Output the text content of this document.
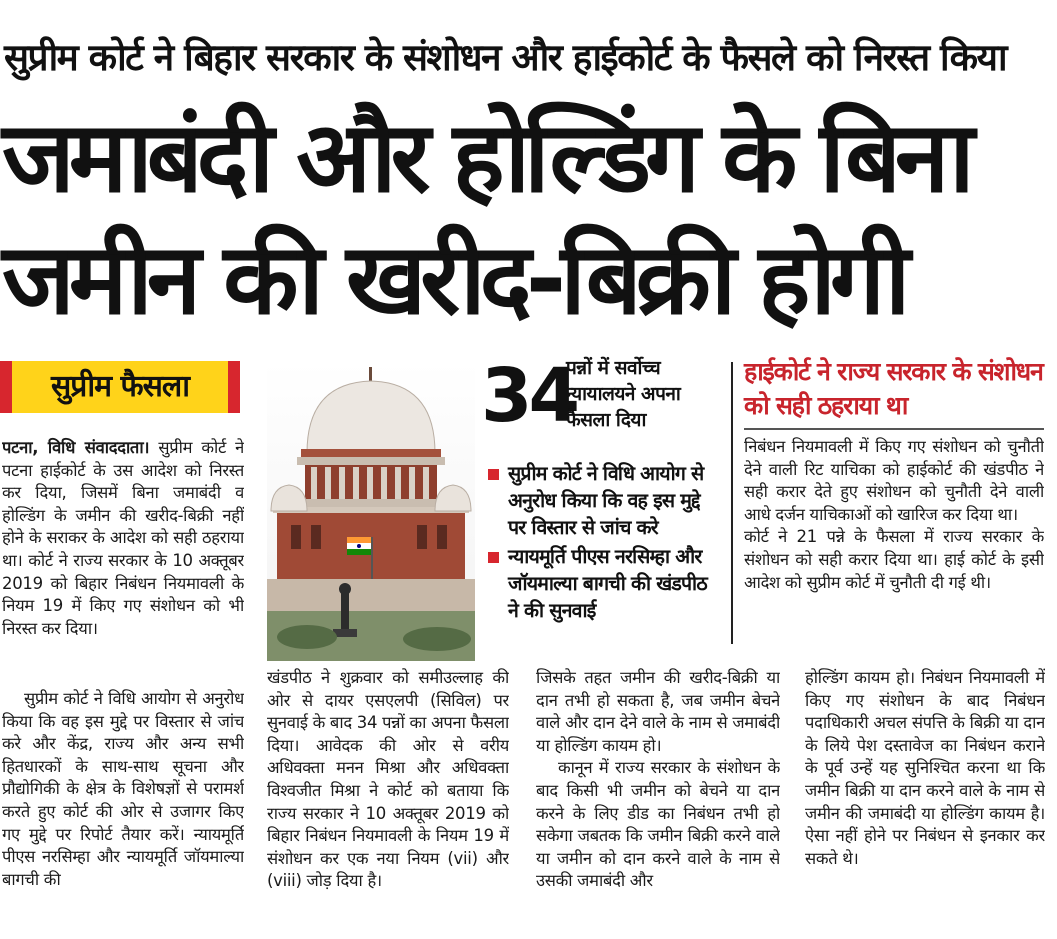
सुप्रीम कोर्ट ने बिहार सरकार के संशोधन और हाईकोर्ट के फैसले को निरस्त किया
जमाबंदी और होल्डिंग के बिना
जमीन की खरीद-बिक्री होगी
सुप्रीम फैसला

पटना, विधि संवाददाता। सुप्रीम कोर्ट ने पटना हाईकोर्ट के उस आदेश को निरस्त कर दिया, जिसमें बिना जमाबंदी व होल्डिंग के जमीन की खरीद-बिक्री नहीं होने के सराकर के आदेश को सही ठहराया था। कोर्ट ने राज्य सरकार के 10 अक्तूबर 2019 को बिहार निबंधन नियमावली के नियम 19 में किए गए संशोधन को भी निरस्त कर दिया।

सुप्रीम कोर्ट ने विधि आयोग से अनुरोध किया कि वह इस मुद्दे पर विस्तार से जांच करे और केंद्र, राज्य और अन्य सभी हितधारकों के साथ-साथ सूचना और प्रौद्योगिकी के क्षेत्र के विशेषज्ञों से परामर्श करते हुए कोर्ट की ओर से उजागर किए गए मुद्दे पर रिपोर्ट तैयार करें। न्यायमूर्ति पीएस नरसिम्हा और न्यायमूर्ति जॉयमाल्या बागची की

34
पन्नों में सर्वोच्च न्यायालयने अपना फैसला दिया
सुप्रीम कोर्ट ने विधि आयोग से अनुरोध किया कि वह इस मुद्दे पर विस्तार से जांच करे
न्यायमूर्ति पीएस नरसिम्हा और जॉयमाल्या बागची की खंडपीठ ने की सुनवाई
हाईकोर्ट ने राज्य सरकार के संशोधन को सही ठहराया था

निबंधन नियमावली में किए गए संशोधन को चुनौती देने वाली रिट याचिका को हाईकोर्ट की खंडपीठ ने सही करार देते हुए संशोधन को चुनौती देने वाली आधे दर्जन याचिकाओं को खारिज कर दिया था।

कोर्ट ने 21 पन्ने के फैसला में राज्य सरकार के संशोधन को सही करार दिया था। हाई कोर्ट के इसी आदेश को सुप्रीम कोर्ट में चुनौती दी गई थी।

खंडपीठ ने शुक्रवार को समीउल्लाह की ओर से दायर एसएलपी (सिविल) पर सुनवाई के बाद 34 पन्नों का अपना फैसला दिया। आवेदक की ओर से वरीय अधिवक्ता मनन मिश्रा और अधिवक्ता विश्वजीत मिश्रा ने कोर्ट को बताया कि राज्य सरकार ने 10 अक्तूबर 2019 को बिहार निबंधन नियमावली के नियम 19 में संशोधन कर एक नया नियम (vii) और (viii) जोड़ दिया है।

जिसके तहत जमीन की खरीद-बिक्री या दान तभी हो सकता है, जब जमीन बेचने वाले और दान देने वाले के नाम से जमाबंदी या होल्डिंग कायम हो।

कानून में राज्य सरकार के संशोधन के बाद किसी भी जमीन को बेचने या दान करने के लिए डीड का निबंधन तभी हो सकेगा जबतक कि जमीन बिक्री करने वाले या जमीन को दान करने वाले के नाम से उसकी जमाबंदी और

होल्डिंग कायम हो। निबंधन नियमावली में किए गए संशोधन के बाद निबंधन पदाधिकारी अचल संपत्ति के बिक्री या दान के लिये पेश दस्तावेज का निबंधन कराने के पूर्व उन्हें यह सुनिश्चित करना था कि जमीन बिक्री या दान करने वाले के नाम से जमीन की जमाबंदी या होल्डिंग कायम है। ऐसा नहीं होने पर निबंधन से इनकार कर सकते थे।
